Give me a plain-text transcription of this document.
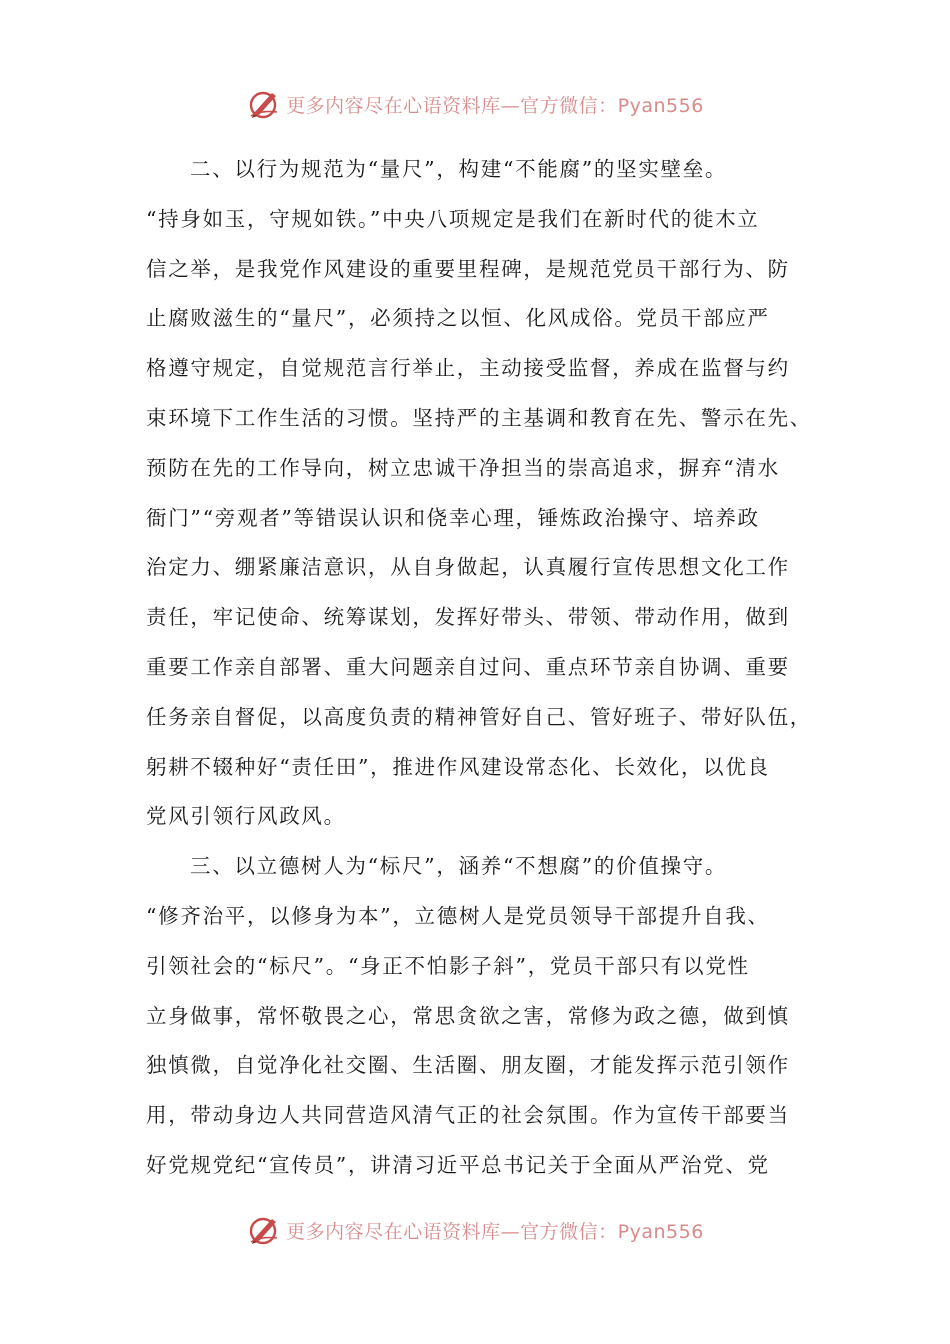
更多内容尽在心语资料库—官方微信：Pyan556
二、以行为规范为“量尺”，构建“不能腐”的坚实壁垒。
“持身如玉，守规如铁。”中央八项规定是我们在新时代的徙木立
信之举，是我党作风建设的重要里程碑，是规范党员干部行为、防
止腐败滋生的“量尺”，必须持之以恒、化风成俗。党员干部应严
格遵守规定，自觉规范言行举止，主动接受监督，养成在监督与约
束环境下工作生活的习惯。坚持严的主基调和教育在先、警示在先、
预防在先的工作导向，树立忠诚干净担当的崇高追求，摒弃“清水
衙门”“旁观者”等错误认识和侥幸心理，锤炼政治操守、培养政
治定力、绷紧廉洁意识，从自身做起，认真履行宣传思想文化工作
责任，牢记使命、统筹谋划，发挥好带头、带领、带动作用，做到
重要工作亲自部署、重大问题亲自过问、重点环节亲自协调、重要
任务亲自督促，以高度负责的精神管好自己、管好班子、带好队伍，
躬耕不辍种好“责任田”，推进作风建设常态化、长效化，以优良
党风引领行风政风。
三、以立德树人为“标尺”，涵养“不想腐”的价值操守。
“修齐治平，以修身为本”，立德树人是党员领导干部提升自我、
引领社会的“标尺”。“身正不怕影子斜”，党员干部只有以党性
立身做事，常怀敬畏之心，常思贪欲之害，常修为政之德，做到慎
独慎微，自觉净化社交圈、生活圈、朋友圈，才能发挥示范引领作
用，带动身边人共同营造风清气正的社会氛围。作为宣传干部要当
好党规党纪“宣传员”，讲清习近平总书记关于全面从严治党、党
更多内容尽在心语资料库—官方微信：Pyan556
